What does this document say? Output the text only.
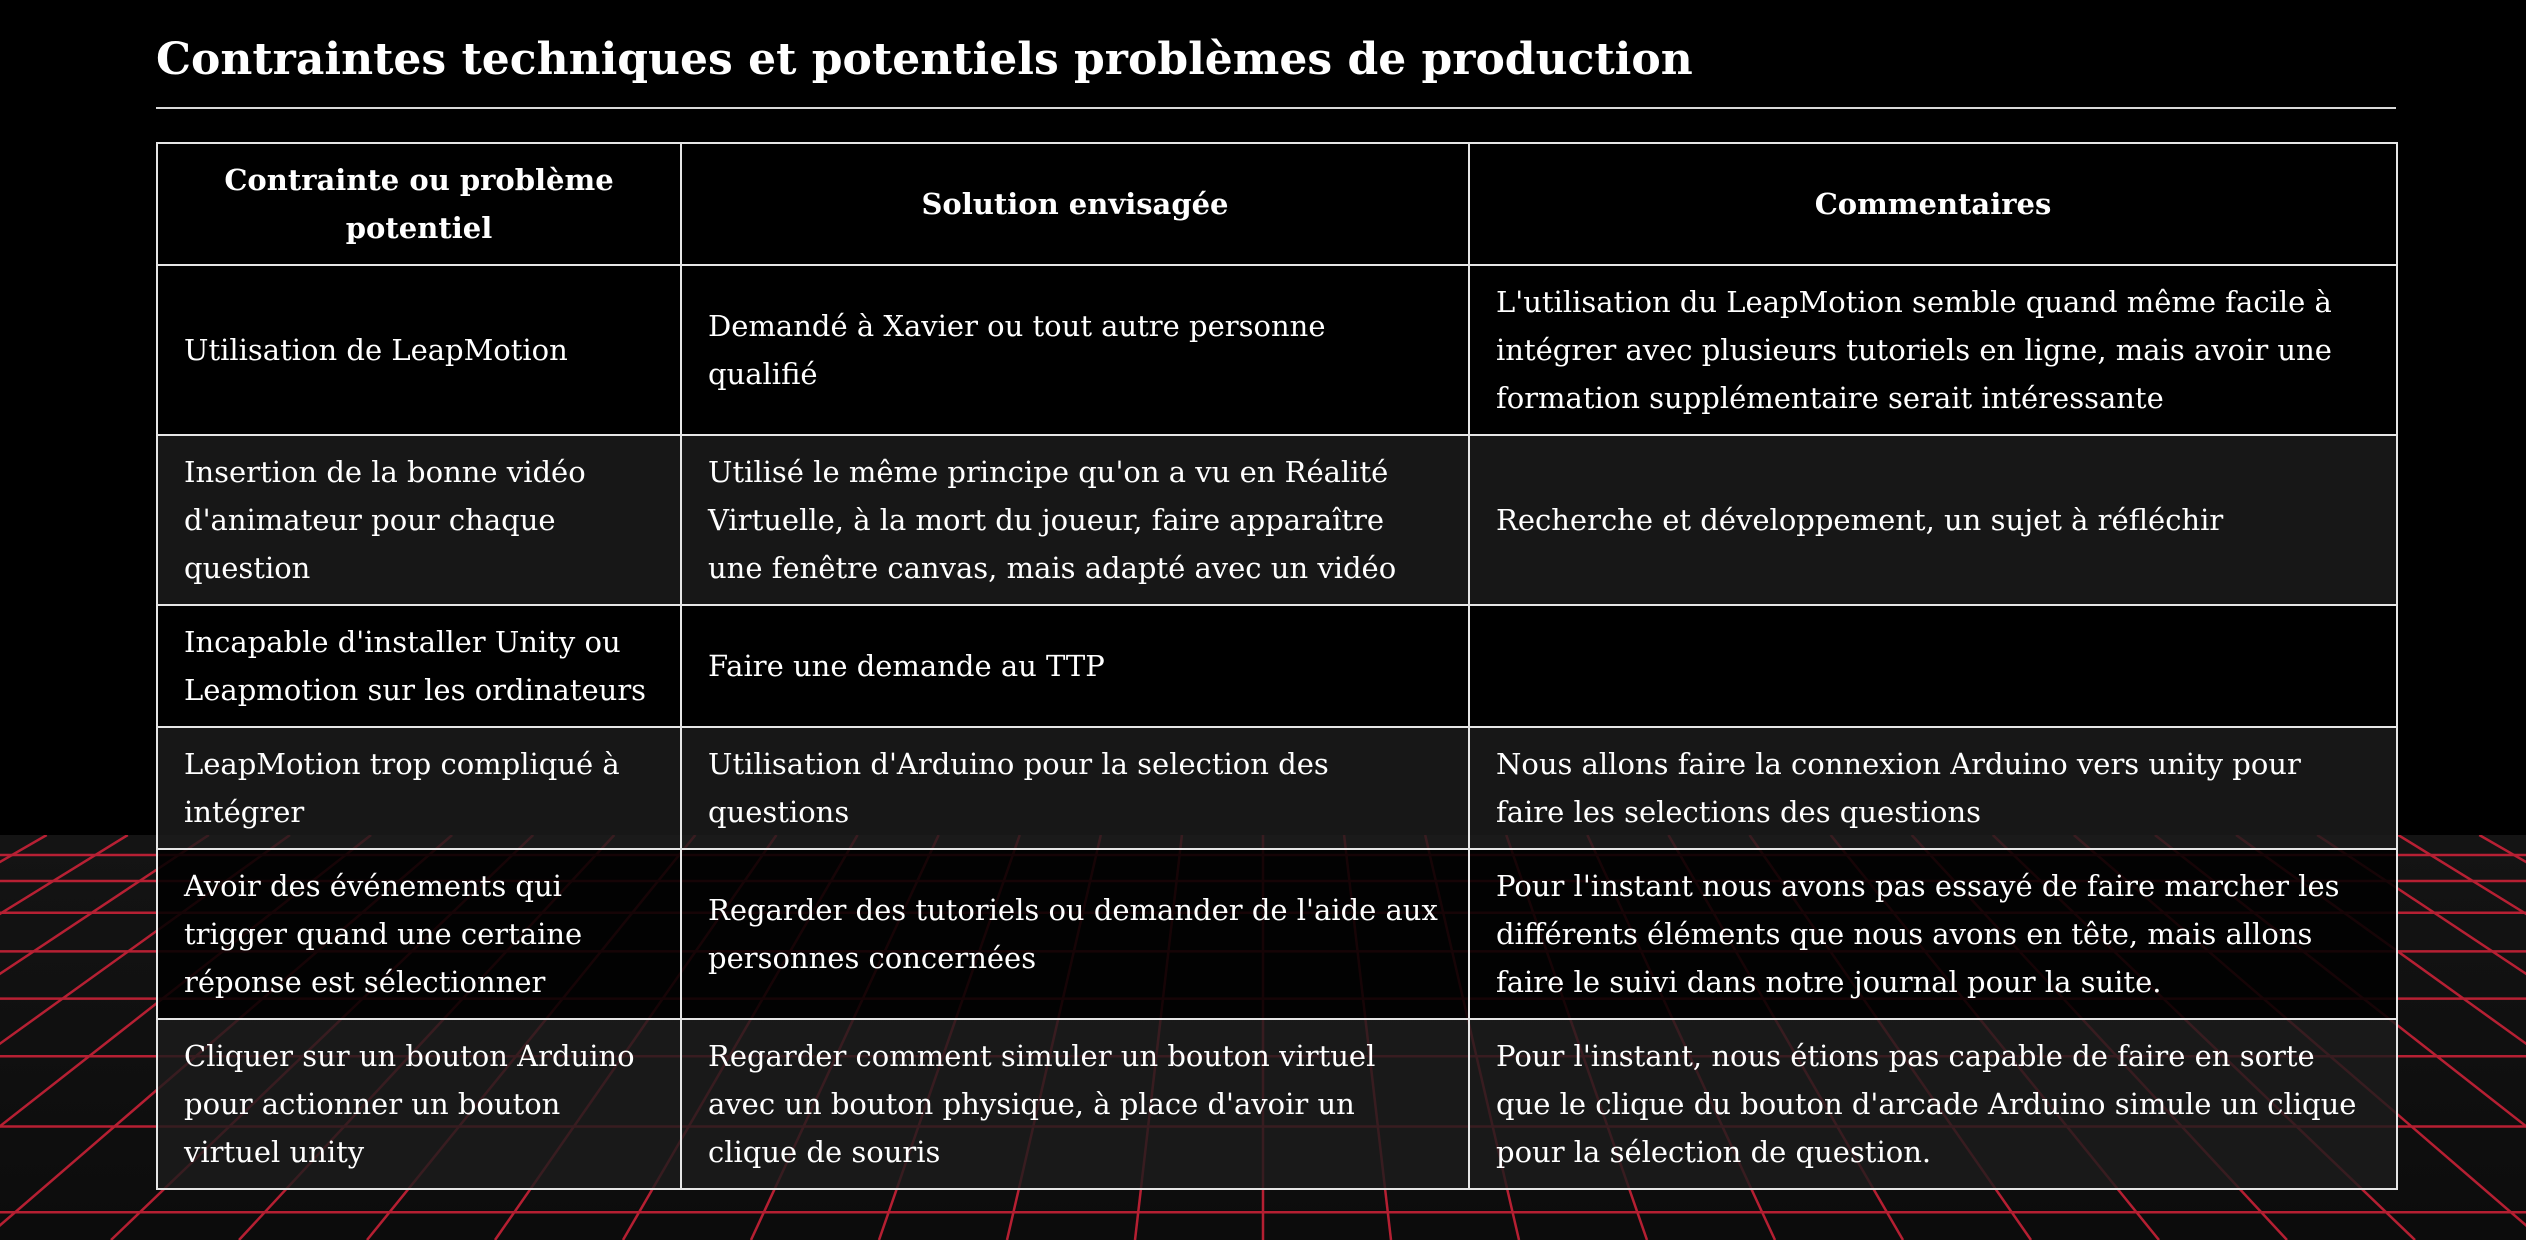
Contraintes techniques et potentiels problèmes de production
Contrainte ou problème potentiel	Solution envisagée	Commentaires
Utilisation de LeapMotion	Demandé à Xavier ou tout autre personne qualifié	L'utilisation du LeapMotion semble quand même facile à intégrer avec plusieurs tutoriels en ligne, mais avoir une formation supplémentaire serait intéressante
Insertion de la bonne vidéo d'animateur pour chaque question	Utilisé le même principe qu'on a vu en Réalité Virtuelle, à la mort du joueur, faire apparaître une fenêtre canvas, mais adapté avec un vidéo	Recherche et développement, un sujet à réfléchir
Incapable d'installer Unity ou Leapmotion sur les ordinateurs	Faire une demande au TTP	
LeapMotion trop compliqué à intégrer	Utilisation d'Arduino pour la selection des questions	Nous allons faire la connexion Arduino vers unity pour faire les selections des questions
Avoir des événements qui trigger quand une certaine réponse est sélectionner	Regarder des tutoriels ou demander de l'aide aux personnes concernées	Pour l'instant nous avons pas essayé de faire marcher les différents éléments que nous avons en tête, mais allons faire le suivi dans notre journal pour la suite.
Cliquer sur un bouton Arduino pour actionner un bouton virtuel unity	Regarder comment simuler un bouton virtuel avec un bouton physique, à place d'avoir un clique de souris	Pour l'instant, nous étions pas capable de faire en sorte que le clique du bouton d'arcade Arduino simule un clique pour la sélection de question.
